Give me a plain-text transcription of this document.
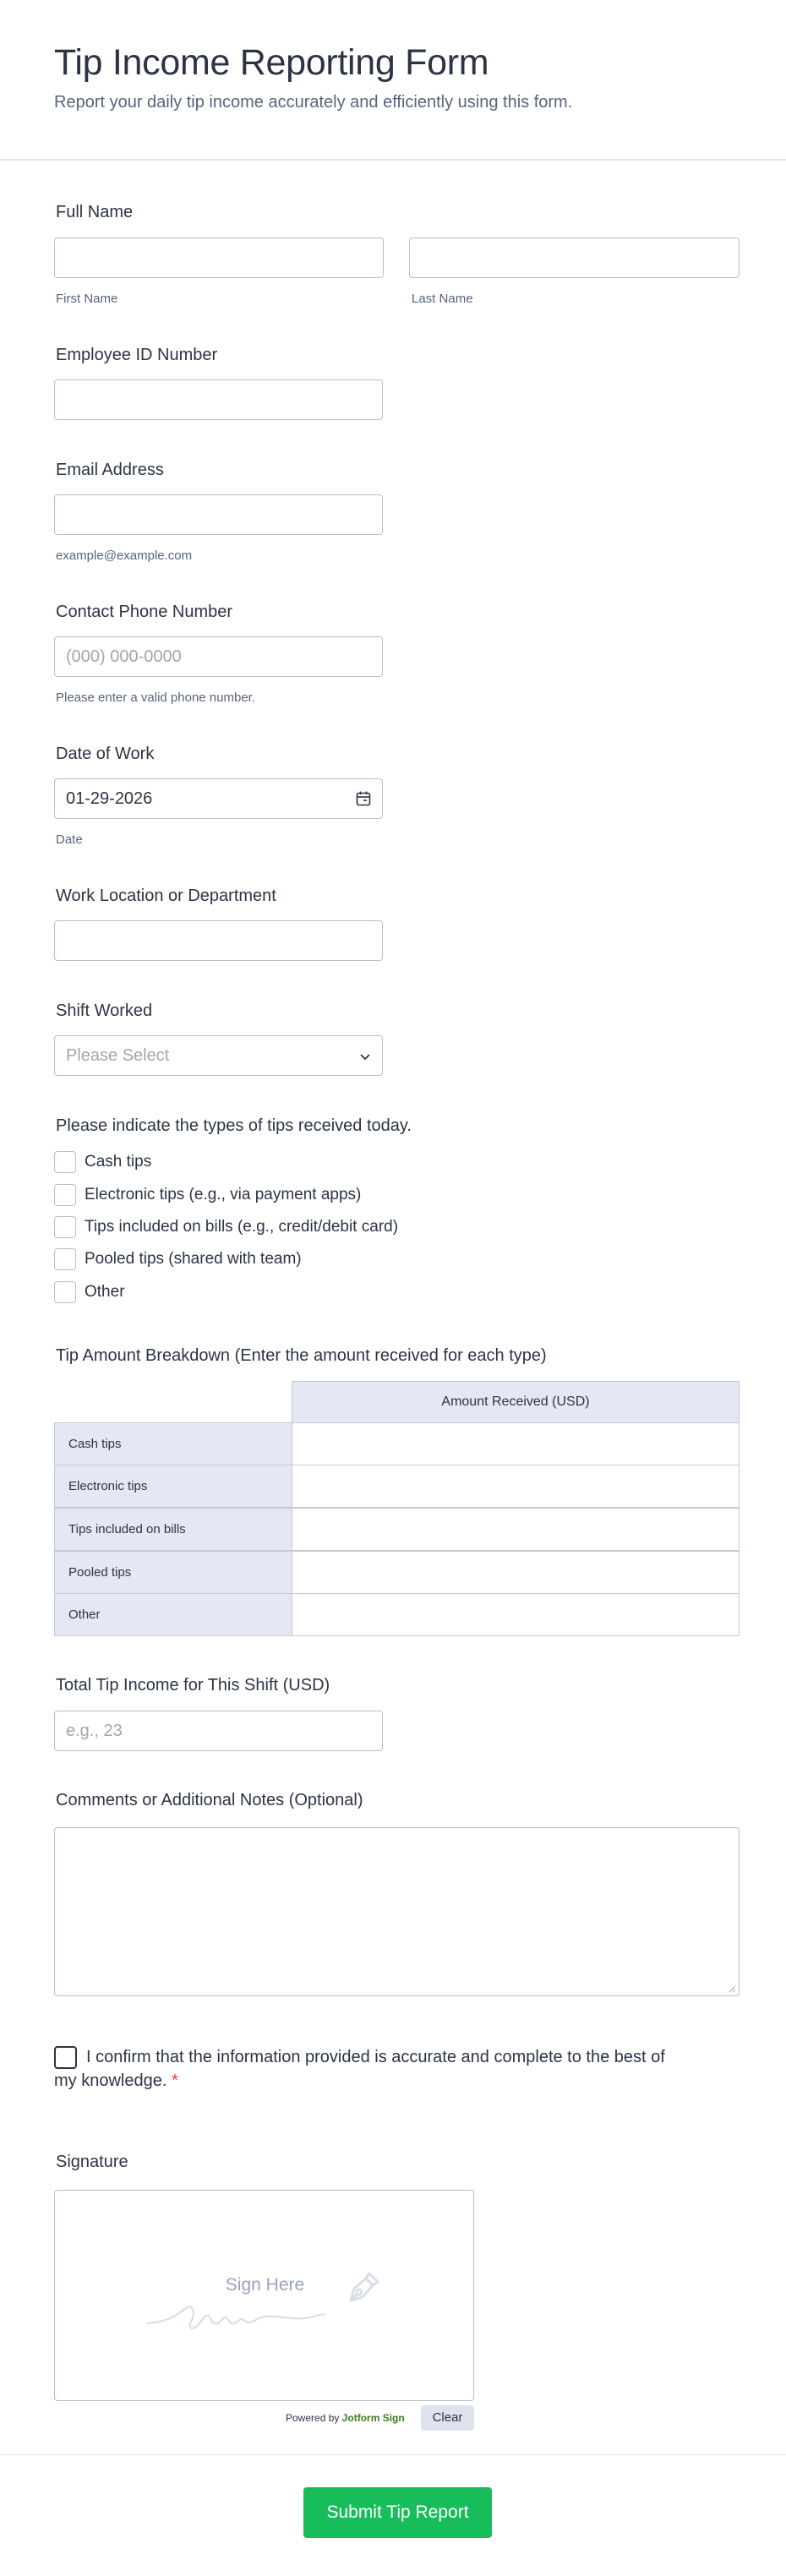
Tip Income Reporting Form

Report your daily tip income accurately and efficiently using this form.

Full Name
First Name	Last Name
Employee ID Number
Email Address
example@example.com
Contact Phone Number
(000) 000-0000
Please enter a valid phone number.
Date of Work
01-29-2026
Date
Work Location or Department
Shift Worked
Please Select
Please indicate the types of tips received today.
Cash tips
Electronic tips (e.g., via payment apps)
Tips included on bills (e.g., credit/debit card)
Pooled tips (shared with team)
Other
Tip Amount Breakdown (Enter the amount received for each type)
Amount Received (USD)
Cash tips
Electronic tips
Tips included on bills
Pooled tips
Other
Total Tip Income for This Shift (USD)
e.g., 23
Comments or Additional Notes (Optional)
I confirm that the information provided is accurate and complete to the best of my knowledge. *
Signature
Sign Here
Powered by Jotform Sign	Clear
Submit Tip Report
